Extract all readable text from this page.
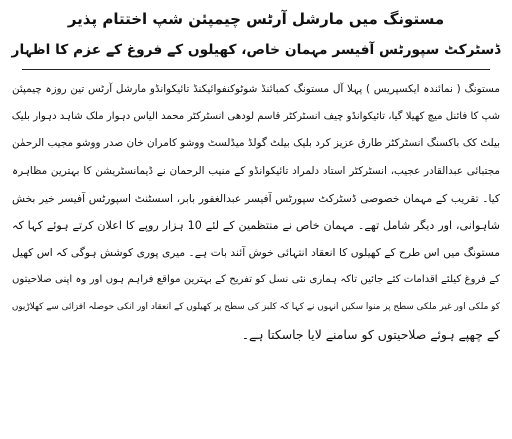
مستونگ میں مارشل آرٹس چیمپئن شپ اختتام پذیر
ڈسٹرکٹ سپورٹس آفیسر مہمان خاص، کھیلوں کے فروغ کے عزم کا اظہار
مستونگ ( نمائندہ ایکسپریس ) پہلا آل مستونگ کمبائنڈ شوٹوکنفوائیکنڈ تائیکوانڈو مارشل آرٹس تین روزہ چیمپئن
شپ کا فائنل میچ کھیلا گیا، تائیکوانڈو چیف انسٹرکٹر قاسم لودھی انسٹرکٹر محمد الیاس دہوار ملک شاہد دہوار بلیک
بیلٹ کک باکسنگ انسٹرکٹر طارق عزیز کرد بلیک بیلٹ گولڈ میڈلسٹ ووشو کامران خان صدر ووشو مجیب الرحمٰن
مجتبائی عبدالقادر عجیب، انسٹرکٹر استاد دلمراد تائیکوانڈو کے منیب الرحمان نے ڈیمانسٹریشن کا بہترین مظاہرہ
کیا۔ تقریب کے مہمان خصوصی ڈسٹرکٹ سپورٹس آفیسر عبدالغفور بابر، اسسٹنٹ اسپورٹس آفیسر خیر بخش
شاہوانی، اور دیگر شامل تھے۔ مہمان خاص نے منتظمین کے لئے 10 ہزار روپے کا اعلان کرتے ہوئے کہا کہ
مستونگ میں اس طرح کے کھیلوں کا انعقاد انتہائی خوش آئند بات ہے۔ میری پوری کوشش ہوگی کہ اس کھیل
کے فروغ کیلئے اقدامات کئے جائیں تاکہ ہماری نئی نسل کو تفریح کے بہترین مواقع فراہم ہوں اور وہ اپنی صلاحیتوں
کو ملکی اور غیر ملکی سطح پر منوا سکیں انہوں نے کہا کہ کلبز کی سطح پر کھیلوں کے انعقاد اور انکی حوصلہ افزائی سے کھلاڑیوں
کے چھپے ہوئے صلاحیتوں کو سامنے لایا جاسکتا ہے۔
